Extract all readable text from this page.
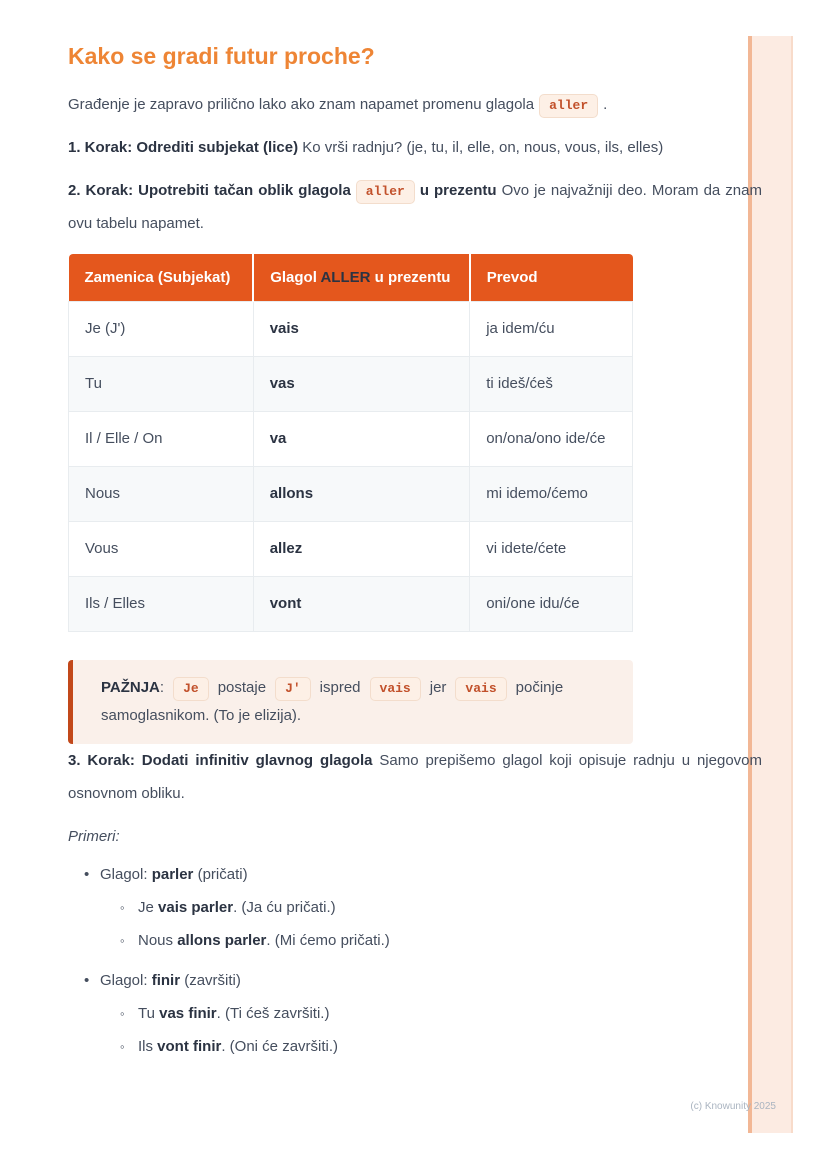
Kako se gradi futur proche?

Građenje je zapravo prilično lako ako znam napamet promenu glagola aller .

1. Korak: Odrediti subjekat (lice) Ko vrši radnju? (je, tu, il, elle, on, nous, vous, ils, elles)

2. Korak: Upotrebiti tačan oblik glagola aller u prezentu Ovo je najvažniji deo. Moram da znam ovu tabelu napamet.

Zamenica (Subjekat)	Glagol ALLER u prezentu	Prevod
Je (J')	vais	ja idem/ću
Tu	vas	ti ideš/ćeš
Il / Elle / On	va	on/ona/ono ide/će
Nous	allons	mi idemo/ćemo
Vous	allez	vi idete/ćete
Ils / Elles	vont	oni/one idu/će
PAŽNJA: Je postaje J' ispred vais jer vais počinje samoglasnikom. (To je elizija).

3. Korak: Dodati infinitiv glavnog glagola Samo prepišemo glagol koji opisuje radnju u njegovom osnovnom obliku.

Primeri:
• Glagol: parler (pričati)
◦ Je vais parler. (Ja ću pričati.)
◦ Nous allons parler. (Mi ćemo pričati.)
• Glagol: finir (završiti)
◦ Tu vas finir. (Ti ćeš završiti.)
◦ Ils vont finir. (Oni će završiti.)
(c) Knowunity 2025
